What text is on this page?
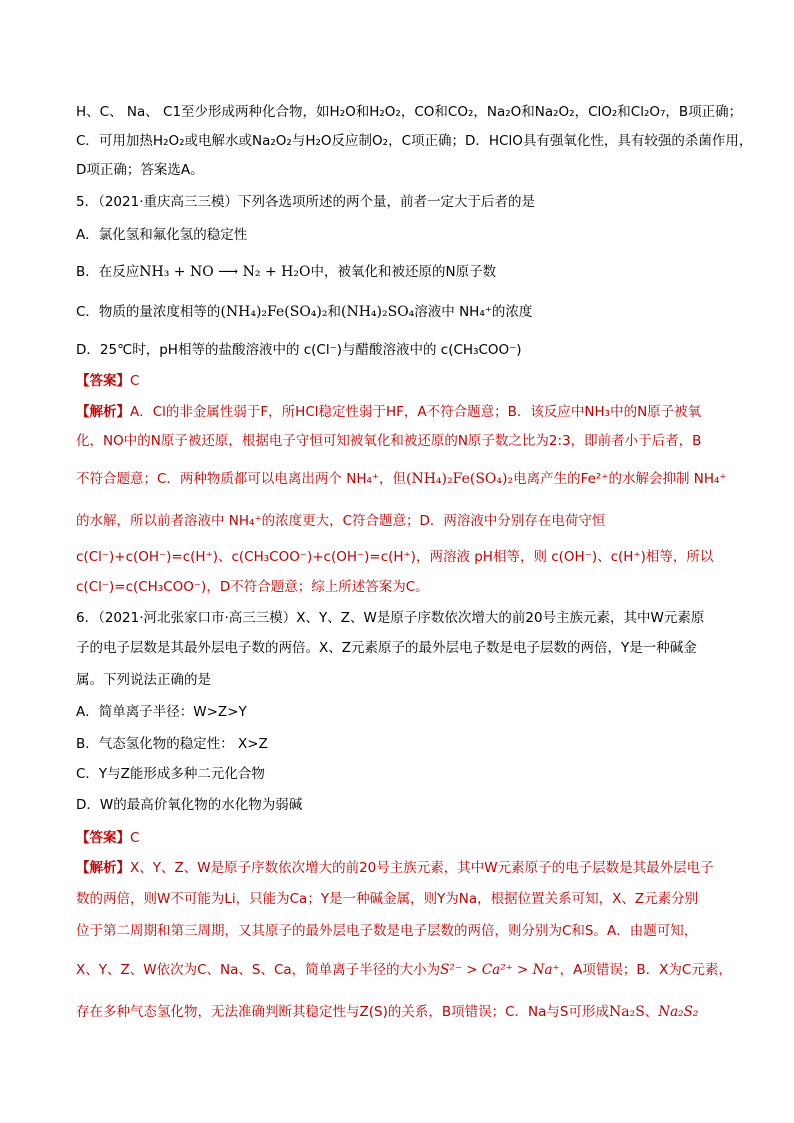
H、C、 Na、 C1至少形成两种化合物，如H₂O和H₂O₂，CO和CO₂，Na₂O和Na₂O₂，ClO₂和Cl₂O₇，B项正确；
C．可用加热H₂O₂或电解水或Na₂O₂与H₂O反应制O₂，C项正确；D．HClO具有强氧化性，具有较强的杀菌作用，
D项正确；答案选A。
5．（2021·重庆高三三模）下列各选项所述的两个量，前者一定大于后者的是
A．氯化氢和氟化氢的稳定性
B．在反应NH₃ + NO ⟶ N₂ + H₂O中，被氧化和被还原的N原子数
C．物质的量浓度相等的(NH₄)₂Fe(SO₄)₂和(NH₄)₂SO₄溶液中 NH₄⁺的浓度
D．25℃时，pH相等的盐酸溶液中的 c(Cl⁻)与醋酸溶液中的 c(CH₃COO⁻)
【答案】C
【解析】A．Cl的非金属性弱于F，所HCl稳定性弱于HF，A不符合题意；B．该反应中NH₃中的N原子被氧
化，NO中的N原子被还原，根据电子守恒可知被氧化和被还原的N原子数之比为2:3，即前者小于后者，B
不符合题意；C．两种物质都可以电离出两个 NH₄⁺，但(NH₄)₂Fe(SO₄)₂电离产生的Fe²⁺的水解会抑制 NH₄⁺
的水解，所以前者溶液中 NH₄⁺的浓度更大，C符合题意；D．两溶液中分别存在电荷守恒
c(Cl⁻)+c(OH⁻)=c(H⁺)、c(CH₃COO⁻)+c(OH⁻)=c(H⁺)，两溶液 pH相等，则 c(OH⁻)、c(H⁺)相等，所以
c(Cl⁻)=c(CH₃COO⁻)，D不符合题意；综上所述答案为C。
6．（2021·河北张家口市·高三三模）X、Y、Z、W是原子序数依次增大的前20号主族元素，其中W元素原
子的电子层数是其最外层电子数的两倍。X、Z元素原子的最外层电子数是电子层数的两倍，Y是一种碱金
属。下列说法正确的是
A．简单离子半径：W>Z>Y
B．气态氢化物的稳定性： X>Z
C．Y与Z能形成多种二元化合物
D．W的最高价氧化物的水化物为弱碱
【答案】C
【解析】X、Y、Z、W是原子序数依次增大的前20号主族元素，其中W元素原子的电子层数是其最外层电子
数的两倍，则W不可能为Li，只能为Ca；Y是一种碱金属，则Y为Na，根据位置关系可知，X、Z元素分别
位于第二周期和第三周期，又其原子的最外层电子数是电子层数的两倍，则分别为C和S。A．由题可知，
X、Y、Z、W依次为C、Na、S、Ca，简单离子半径的大小为S²⁻ > Ca²⁺ > Na⁺，A项错误；B．X为C元素，
存在多种气态氢化物，无法准确判断其稳定性与Z(S)的关系，B项错误；C．Na与S可形成Na₂S、Na₂S₂
